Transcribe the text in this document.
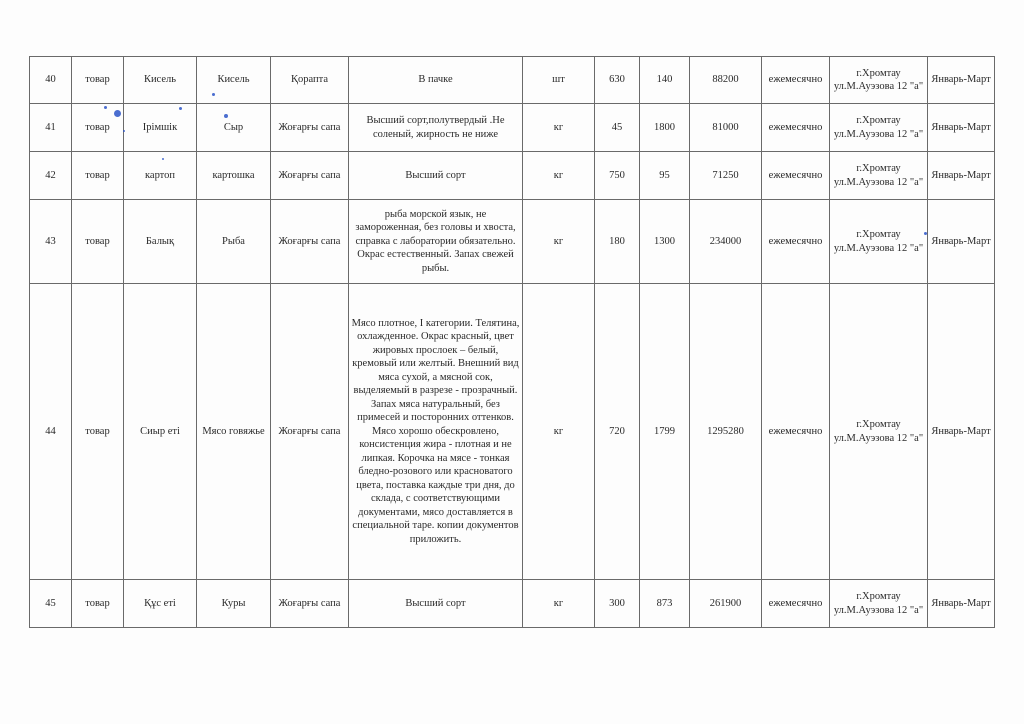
40	товар	Кисель	Кисель	Қорапта	В пачке	шт	630	140	88200	ежемесячно	г.Хромтау ул.М.Ауэзова 12 "а"	Январь-Март
41	товар	Ірімшік	Сыр	Жоғарғы сапа	Высший сорт,полутвердый .Не соленый, жирность не ниже	кг	45	1800	81000	ежемесячно	г.Хромтау ул.М.Ауэзова 12 "а"	Январь-Март
42	товар	картоп	картошка	Жоғарғы сапа	Высший сорт	кг	750	95	71250	ежемесячно	г.Хромтау ул.М.Ауэзова 12 "а"	Январь-Март
43	товар	Балық	Рыба	Жоғарғы сапа	рыба морской язык, не замороженная, без головы и хвоста, справка с лаборатории обязательно. Окрас естественный. Запах свежей рыбы.	кг	180	1300	234000	ежемесячно	г.Хромтау ул.М.Ауэзова 12 "а"	Январь-Март
44	товар	Сиыр еті	Мясо говяжье	Жоғарғы сапа	Мясо плотное, I категории. Телятина, охлажденное. Окрас красный, цвет жировых прослоек – белый, кремовый или желтый. Внешний вид мяса сухой, а мясной сок, выделяемый в разрезе - прозрачный. Запах мяса натуральный, без примесей и посторонних оттенков. Мясо хорошо обескровлено, консистенция жира - плотная и не липкая. Корочка на мясе - тонкая бледно-розового или красноватого цвета, поставка каждые три дня, до склада, с соответствующими документами, мясо доставляется в специальной таре. копии документов приложить.	кг	720	1799	1295280	ежемесячно	г.Хромтау ул.М.Ауэзова 12 "а"	Январь-Март
45	товар	Құс еті	Куры	Жоғарғы сапа	Высший сорт	кг	300	873	261900	ежемесячно	г.Хромтау ул.М.Ауэзова 12 "а"	Январь-Март
